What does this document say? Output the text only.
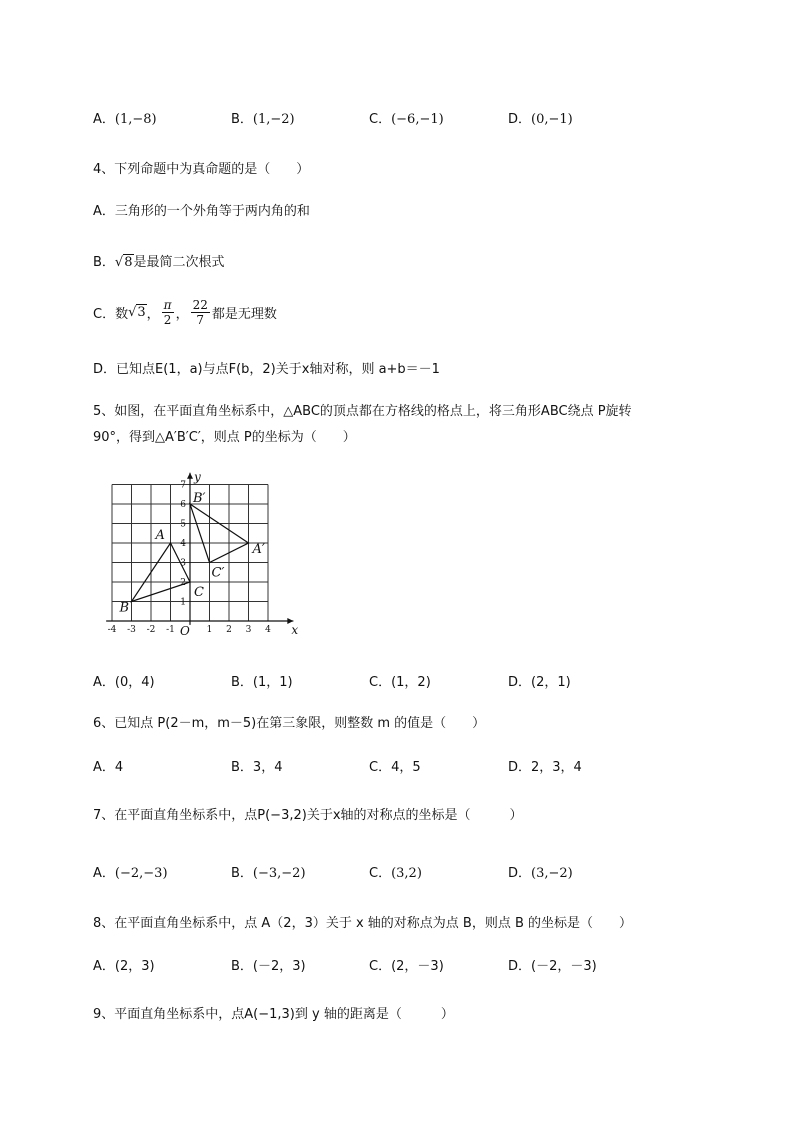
A．(1,−8)	B．(1,−2)	C．(−6,−1)	D．(0,−1)
4、下列命题中为真命题的是（　　）
A．三角形的一个外角等于两内角的和
B．√8是最简二次根式
C．数√3， $\frac{\pi}{2}$ ， $\frac{22}{7}$ 都是无理数
D．已知点E(1，a)与点F(b，2)关于x轴对称，则 a+b＝－1
5、如图，在平面直角坐标系中，△ABC的顶点都在方格线的格点上，将三角形ABC绕点 P旋转
90°，得到△A′B′C′，则点 P的坐标为（　　）
-4 -3 -2 -1	1 2 3 4
1
2
3
4
5
6
7
x
y
O
A
B
C
A′
B′
C′
A．(0，4)	B．(1，1)	C．(1，2)	D．(2，1)
6、已知点 P(2－m，m－5)在第三象限，则整数 m 的值是（　　）
A．4	B．3，4	C．4，5	D．2，3，4
7、在平面直角坐标系中，点P(−3,2)关于x轴的对称点的坐标是（　　　）
A．(−2,−3)	B．(−3,−2)	C．(3,2)	D．(3,−2)
8、在平面直角坐标系中，点 A（2，3）关于 x 轴的对称点为点 B，则点 B 的坐标是（　　）
A．(2，3)	B．(－2，3)	C．(2，－3)	D．(－2，－3)
9、平面直角坐标系中，点A(−1,3)到 y 轴的距离是（　　　）
